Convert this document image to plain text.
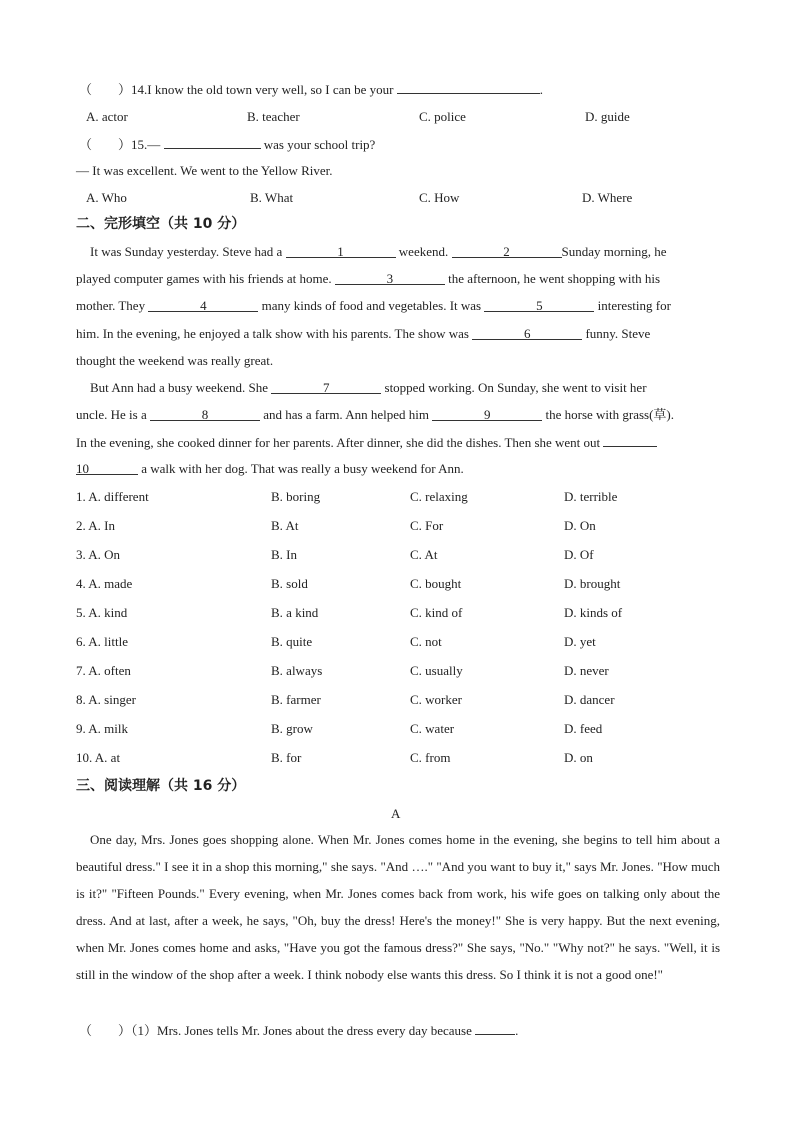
（　　）14.I know the old town very well, so I can be your	.
A. actor	B. teacher	C. police	D. guide
（　　）15.—	was your school trip?
— It was excellent. We went to the Yellow River.
A. Who	B. What	C. How	D. Where
二、完形填空（共 10 分）
It was Sunday yesterday. Steve had a	1	weekend.	2	Sunday morning, he
played computer games with his friends at home.	3	the afternoon, he went shopping with his
mother. They	4	many kinds of food and vegetables. It was	5	interesting for
him. In the evening, he enjoyed a talk show with his parents. The show was	6	funny. Steve
thought the weekend was really great.
But Ann had a busy weekend. She	7	stopped working. On Sunday, she went to visit her
uncle. He is a	8	and has a farm. Ann helped him	9	the horse with grass(草).
In the evening, she cooked dinner for her parents. After dinner, she did the dishes. Then she went out
10	a walk with her dog. That was really a busy weekend for Ann.
1. A. different	B. boring	C. relaxing	D. terrible
2. A. In	B. At	C. For	D. On
3. A. On	B. In	C. At	D. Of
4. A. made	B. sold	C. bought	D. brought
5. A. kind	B. a kind	C. kind of	D. kinds of
6. A. little	B. quite	C. not	D. yet
7. A. often	B. always	C. usually	D. never
8. A. singer	B. farmer	C. worker	D. dancer
9. A. milk	B. grow	C. water	D. feed
10. A. at	B. for	C. from	D. on
三、阅读理解（共 16 分）
A
One day, Mrs. Jones goes shopping alone. When Mr. Jones comes home in the evening, she begins to tell him about a beautiful dress." I see it in a shop this morning," she says. "And …." "And you want to buy it," says Mr. Jones. "How much is it?" "Fifteen Pounds." Every evening, when Mr. Jones comes back from work, his wife goes on talking only about the dress. And at last, after a week, he says, "Oh, buy the dress! Here's the money!" She is very happy. But the next evening, when Mr. Jones comes home and asks, "Have you got the famous dress?" She says, "No." "Why not?" he says. "Well, it is still in the window of the shop after a week. I think nobody else wants this dress. So I think it is not a good one!"
（　　）（1）Mrs. Jones tells Mr. Jones about the dress every day because	.
